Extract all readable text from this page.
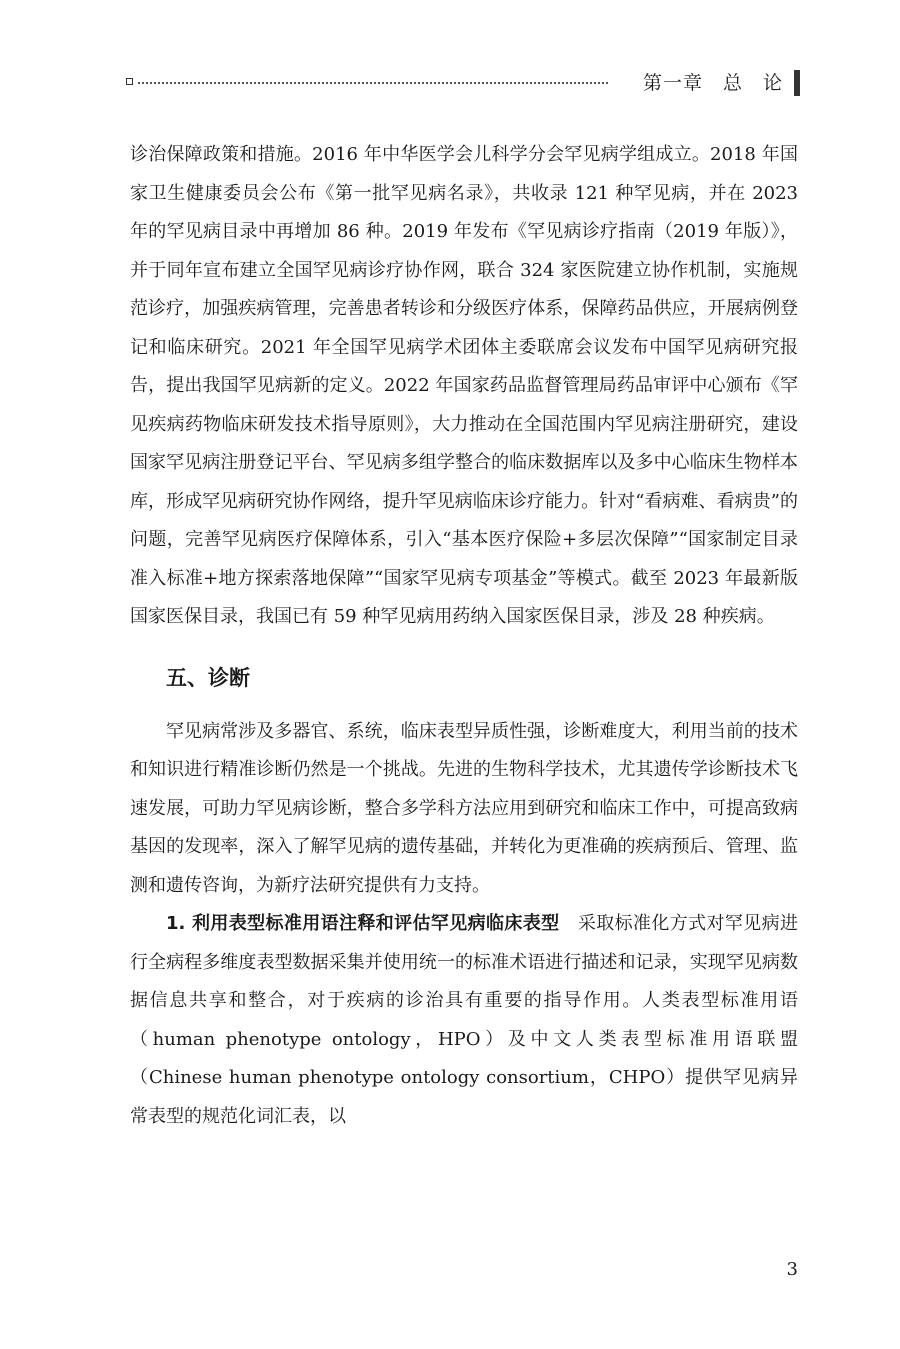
第一章　总　论

诊治保障政策和措施。2016 年中华医学会儿科学分会罕见病学组成立。2018 年国家卫生健康委员会公布《第一批罕见病名录》，共收录 121 种罕见病，并在 2023 年的罕见病目录中再增加 86 种。2019 年发布《罕见病诊疗指南（2019 年版）》，并于同年宣布建立全国罕见病诊疗协作网，联合 324 家医院建立协作机制，实施规范诊疗，加强疾病管理，完善患者转诊和分级医疗体系，保障药品供应，开展病例登记和临床研究。2021 年全国罕见病学术团体主委联席会议发布中国罕见病研究报告，提出我国罕见病新的定义。2022 年国家药品监督管理局药品审评中心颁布《罕见疾病药物临床研发技术指导原则》，大力推动在全国范围内罕见病注册研究，建设国家罕见病注册登记平台、罕见病多组学整合的临床数据库以及多中心临床生物样本库，形成罕见病研究协作网络，提升罕见病临床诊疗能力。针对“看病难、看病贵”的问题，完善罕见病医疗保障体系，引入“基本医疗保险+多层次保障”“国家制定目录准入标准+地方探索落地保障”“国家罕见病专项基金”等模式。截至 2023 年最新版国家医保目录，我国已有 59 种罕见病用药纳入国家医保目录，涉及 28 种疾病。

五、诊断

罕见病常涉及多器官、系统，临床表型异质性强，诊断难度大，利用当前的技术和知识进行精准诊断仍然是一个挑战。先进的生物科学技术，尤其遗传学诊断技术飞速发展，可助力罕见病诊断，整合多学科方法应用到研究和临床工作中，可提高致病基因的发现率，深入了解罕见病的遗传基础，并转化为更准确的疾病预后、管理、监测和遗传咨询，为新疗法研究提供有力支持。

1. 利用表型标准用语注释和评估罕见病临床表型　采取标准化方式对罕见病进行全病程多维度表型数据采集并使用统一的标准术语进行描述和记录，实现罕见病数据信息共享和整合，对于疾病的诊治具有重要的指导作用。人类表型标准用语（human phenotype ontology，HPO）及中文人类表型标准用语联盟（Chinese human phenotype ontology consortium，CHPO）提供罕见病异常表型的规范化词汇表，以

3
